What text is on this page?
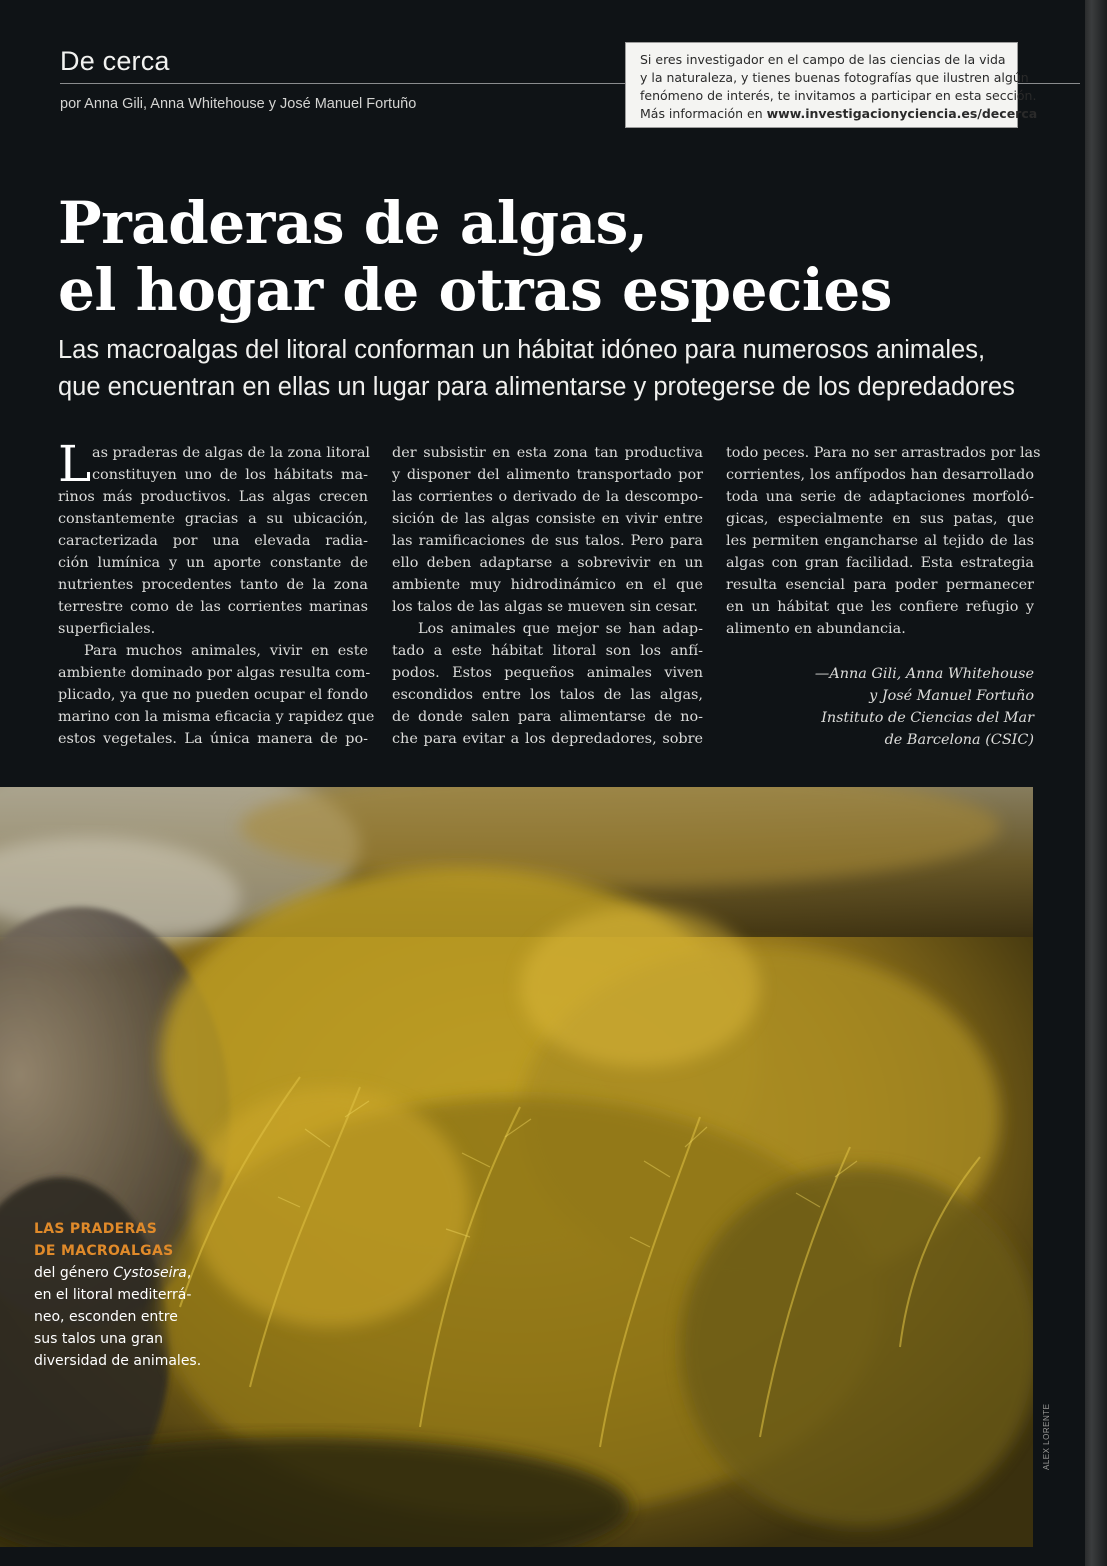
De cerca
por Anna Gili, Anna Whitehouse y José Manuel Fortuño
Si eres investigador en el campo de las ciencias de la vida
y la naturaleza, y tienes buenas fotografías que ilustren algún
fenómeno de interés, te invitamos a participar en esta sección.
Más información en www.investigacionyciencia.es/decerca
Praderas de algas,
el hogar de otras especies
Las macroalgas del litoral conforman un hábitat idóneo para numerosos animales,
que encuentran en ellas un lugar para alimentarse y protegerse de los depredadores
L as praderas de algas de la zona litoral
constituyen uno de los hábitats ma-
rinos más productivos. Las algas crecen
constantemente gracias a su ubicación,
caracterizada por una elevada radia-
ción lumínica y un aporte constante de
nutrientes procedentes tanto de la zona
terrestre como de las corrientes marinas
superficiales.
Para muchos animales, vivir en este
ambiente dominado por algas resulta com-
plicado, ya que no pueden ocupar el fondo
marino con la misma eficacia y rapidez que
estos vegetales. La única manera de po-
der subsistir en esta zona tan productiva
y disponer del alimento transportado por
las corrientes o derivado de la descompo-
sición de las algas consiste en vivir entre
las ramificaciones de sus talos. Pero para
ello deben adaptarse a sobrevivir en un
ambiente muy hidrodinámico en el que
los talos de las algas se mueven sin cesar.
Los animales que mejor se han adap-
tado a este hábitat litoral son los anfí-
podos. Estos pequeños animales viven
escondidos entre los talos de las algas,
de donde salen para alimentarse de no-
che para evitar a los depredadores, sobre
todo peces. Para no ser arrastrados por las
corrientes, los anfípodos han desarrollado
toda una serie de adaptaciones morfoló-
gicas, especialmente en sus patas, que
les permiten engancharse al tejido de las
algas con gran facilidad. Esta estrategia
resulta esencial para poder permanecer
en un hábitat que les confiere refugio y
alimento en abundancia.
—Anna Gili, Anna Whitehouse
y José Manuel Fortuño
Instituto de Ciencias del Mar
de Barcelona (CSIC)
LAS PRADERAS
DE MACROALGAS
del género Cystoseira,
en el litoral mediterrá-
neo, esconden entre
sus talos una gran
diversidad de animales.
ALEX LORENTE
